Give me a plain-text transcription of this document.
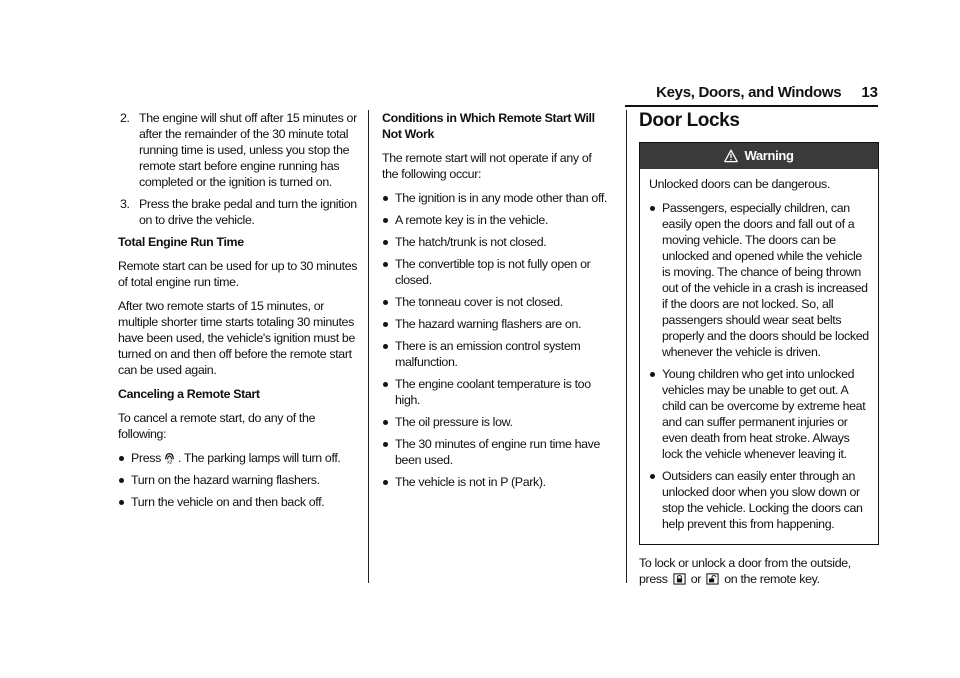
Keys, Doors, and Windows 13
2. The engine will shut off after 15 minutes or after the remainder of the 30 minute total running time is used, unless you stop the remote start before engine running has completed or the ignition is turned on.
3. Press the brake pedal and turn the ignition on to drive the vehicle.
Total Engine Run Time

Remote start can be used for up to 30 minutes of total engine run time.

After two remote starts of 15 minutes, or multiple shorter time starts totaling 30 minutes have been used, the vehicle's ignition must be turned on and then off before the remote start can be used again.

Canceling a Remote Start

To cancel a remote start, do any of the following:

Press x2 . The parking lamps will turn off.
Turn on the hazard warning flashers.
Turn the vehicle on and then back off.
Conditions in Which Remote Start Will Not Work

The remote start will not operate if any of the following occur:

The ignition is in any mode other than off.
A remote key is in the vehicle.
The hatch/trunk is not closed.
The convertible top is not fully open or closed.
The tonneau cover is not closed.
The hazard warning flashers are on.
There is an emission control system malfunction.
The engine coolant temperature is too high.
The oil pressure is low.
The 30 minutes of engine run time have been used.
The vehicle is not in P (Park).
Door Locks
Warning

Unlocked doors can be dangerous.

Passengers, especially children, can easily open the doors and fall out of a moving vehicle. The doors can be unlocked and opened while the vehicle is moving. The chance of being thrown out of the vehicle in a crash is increased if the doors are not locked. So, all passengers should wear seat belts properly and the doors should be locked whenever the vehicle is driven.
Young children who get into unlocked vehicles may be unable to get out. A child can be overcome by extreme heat and can suffer permanent injuries or even death from heat stroke. Always lock the vehicle whenever leaving it.
Outsiders can easily enter through an unlocked door when you slow down or stop the vehicle. Locking the doors can help prevent this from happening.

To lock or unlock a door from the outside,
press or on the remote key.
